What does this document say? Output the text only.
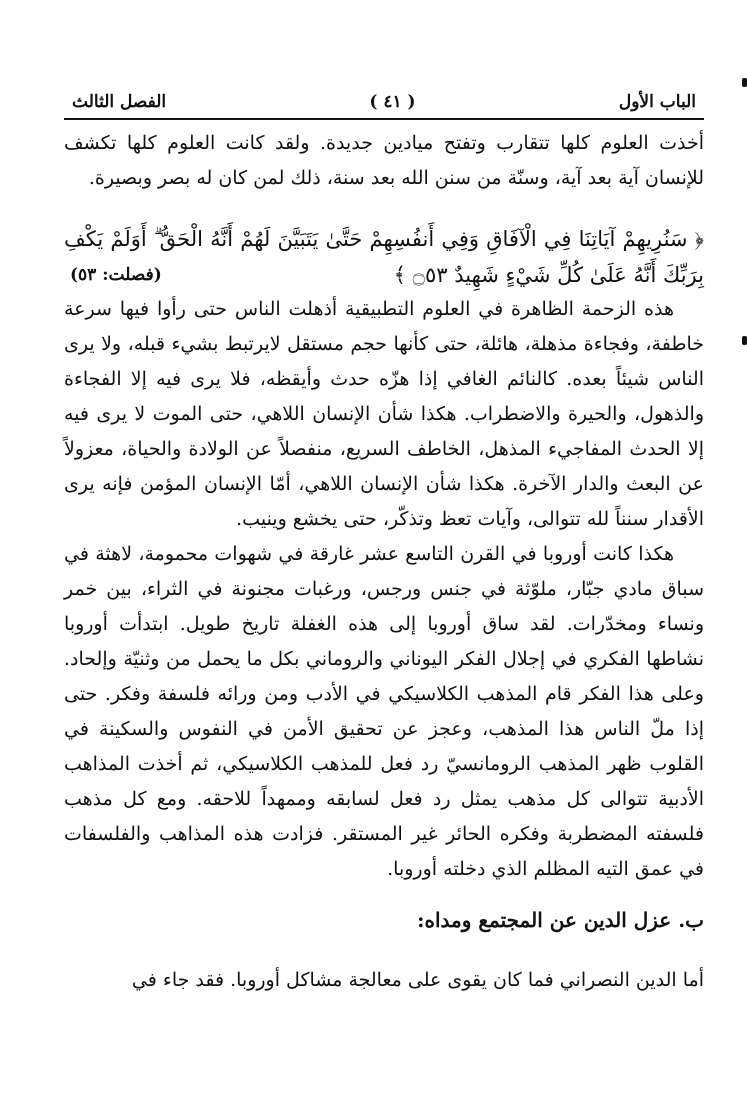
الباب الأول
( ٤١ )
الفصل الثالث

أخذت العلوم كلها تتقارب وتفتح ميادين جديدة. ولقد كانت العلوم كلها تكشف للإنسان آية بعد آية، وسنّة من سنن الله بعد سنة، ذلك لمن كان له بصر وبصيرة.

﴿ سَنُرِيهِمْ آيَاتِنَا فِي الْآفَاقِ وَفِي أَنفُسِهِمْ حَتَّىٰ يَتَبَيَّنَ لَهُمْ أَنَّهُ الْحَقُّ ۗ أَوَلَمْ يَكْفِ

بِرَبِّكَ أَنَّهُ عَلَىٰ كُلِّ شَيْءٍ شَهِيدٌ ۝٥٣ ﴾
(فصلت: ٥٣)

هذه الزحمة الظاهرة في العلوم التطبيقية أذهلت الناس حتى رأوا فيها سرعة خاطفة، وفجاءة مذهلة، هائلة، حتى كأنها حجم مستقل لايرتبط بشيء قبله، ولا يرى الناس شيئاً بعده. كالنائم الغافي إذا هزّه حدث وأيقظه، فلا يرى فيه إلا الفجاءة والذهول، والحيرة والاضطراب. هكذا شأن الإنسان اللاهي، حتى الموت لا يرى فيه إلا الحدث المفاجيء المذهل، الخاطف السريع، منفصلاً عن الولادة والحياة، معزولاً عن البعث والدار الآخرة. هكذا شأن الإنسان اللاهي، أمّا الإنسان المؤمن فإنه يرى الأقدار سنناً لله تتوالى، وآيات تعظ وتذكّر، حتى يخشع وينيب.

هكذا كانت أوروبا في القرن التاسع عشر غارقة في شهوات محمومة، لاهثة في سباق مادي جبّار، ملوّثة في جنس ورجس، ورغبات مجنونة في الثراء، بين خمر ونساء ومخدّرات. لقد ساق أوروبا إلى هذه الغفلة تاريخ طويل. ابتدأت أوروبا نشاطها الفكري في إجلال الفكر اليوناني والروماني بكل ما يحمل من وثنيّة وإلحاد. وعلى هذا الفكر قام المذهب الكلاسيكي في الأدب ومن ورائه فلسفة وفكر. حتى إذا ملّ الناس هذا المذهب، وعجز عن تحقيق الأمن في النفوس والسكينة في القلوب ظهر المذهب الرومانسيّ رد فعل للمذهب الكلاسيكي، ثم أخذت المذاهب الأدبية تتوالى كل مذهب يمثل رد فعل لسابقه وممهداً للاحقه. ومع كل مذهب فلسفته المضطربة وفكره الحائر غير المستقر. فزادت هذه المذاهب والفلسفات في عمق التيه المظلم الذي دخلته أوروبا.

ب. عزل الدين عن المجتمع ومداه:

أما الدين النصراني فما كان يقوى على معالجة مشاكل أوروبا. فقد جاء في
